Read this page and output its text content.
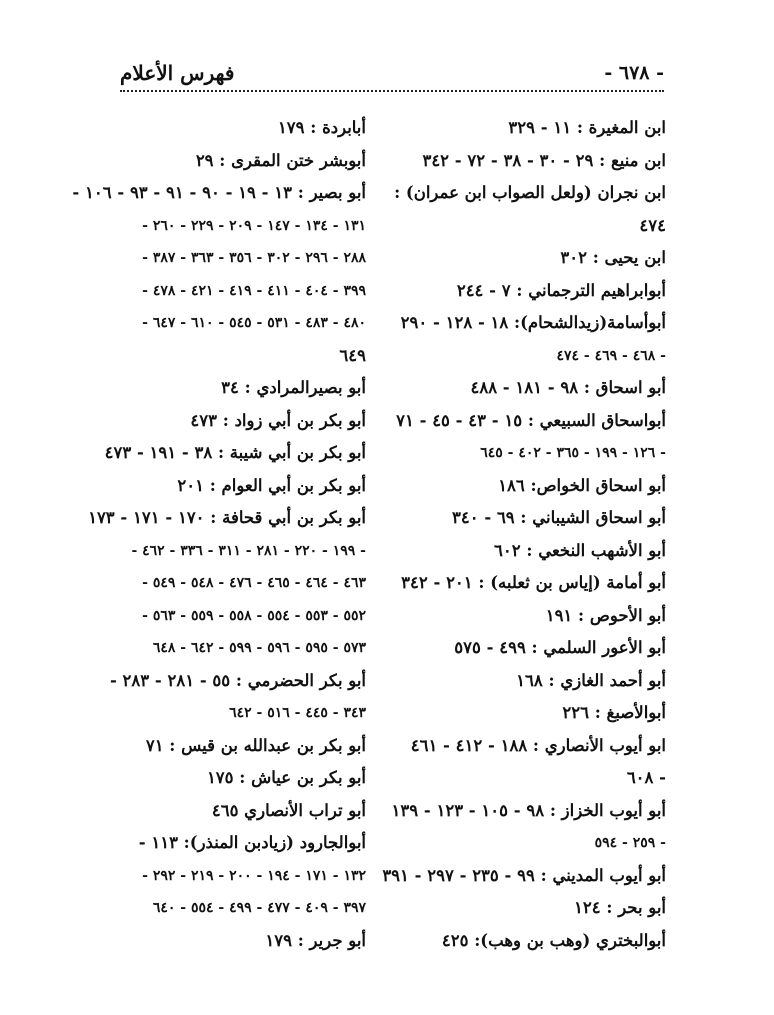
فهرس الأعلام	- ٦٧٨ -
ابن المغيرة : ١١ - ٣٢٩
ابن منيع : ٢٩ - ٣٠ - ٣٨ - ٧٢ - ٣٤٢
ابن نجران (ولعل الصواب ابن عمران) :
٤٧٤
ابن يحيى : ٣٠٢
أبوابراهيم الترجماني : ٧ - ٢٤٤
أبوأسامة(زيدالشحام): ١٨ - ١٢٨ - ٢٩٠
- ٤٦٨ - ٤٦٩ - ٤٧٤
أبو اسحاق : ٩٨ - ١٨١ - ٤٨٨
أبواسحاق السبيعي : ١٥ - ٤٣ - ٤٥ - ٧١
- ١٢٦ - ١٩٩ - ٣٦٥ - ٤٠٢ - ٦٤٥
أبو اسحاق الخواص: ١٨٦
أبو اسحاق الشيباني : ٦٩ - ٣٤٠
أبو الأشهب النخعي : ٦٠٢
أبو أمامة (إياس بن ثعلبه) : ٢٠١ - ٣٤٢
أبو الأحوص : ١٩١
أبو الأعور السلمي : ٤٩٩ - ٥٧٥
أبو أحمد الغازي : ١٦٨
أبوالأصبغ : ٢٢٦
ابو أيوب الأنصاري : ١٨٨ - ٤١٢ - ٤٦١
- ٦٠٨
أبو أيوب الخزاز : ٩٨ - ١٠٥ - ١٢٣ - ١٣٩
- ٢٥٩ - ٥٩٤
أبو أيوب المديني : ٩٩ - ٢٣٥ - ٢٩٧ - ٣٩١
أبو بحر : ١٢٤
أبوالبختري (وهب بن وهب): ٤٢٥
أبابردة : ١٧٩
أبوبشر ختن المقرى : ٢٩
أبو بصير : ١٣ - ١٩ - ٩٠ - ٩١ - ٩٣ - ١٠٦ -
١٣١ - ١٣٤ - ١٤٧ - ٢٠٩ - ٢٢٩ - ٢٦٠ -
٢٨٨ - ٢٩٦ - ٣٠٢ - ٣٥٦ - ٣٦٣ - ٣٨٧ -
٣٩٩ - ٤٠٤ - ٤١١ - ٤١٩ - ٤٢١ - ٤٧٨ -
٤٨٠ - ٤٨٣ - ٥٣١ - ٥٤٥ - ٦١٠ - ٦٤٧ -
٦٤٩
أبو بصيرالمرادي : ٣٤
أبو بكر بن أبي زواد : ٤٧٣
أبو بكر بن أبي شيبة : ٣٨ - ١٩١ - ٤٧٣
أبو بكر بن أبي العوام : ٢٠١
أبو بكر بن أبي قحافة : ١٧٠ - ١٧١ - ١٧٣
- ١٩٩ - ٢٢٠ - ٢٨١ - ٣١١ - ٣٣٦ - ٤٦٢ -
٤٦٣ - ٤٦٤ - ٤٦٥ - ٤٧٦ - ٥٤٨ - ٥٤٩ -
٥٥٢ - ٥٥٣ - ٥٥٤ - ٥٥٨ - ٥٥٩ - ٥٦٣ -
٥٧٣ - ٥٩٥ - ٥٩٦ - ٥٩٩ - ٦٤٢ - ٦٤٨
أبو بكر الحضرمي : ٥٥ - ٢٨١ - ٢٨٣ -
٣٤٣ - ٤٤٥ - ٥١٦ - ٦٤٢
أبو بكر بن عبدالله بن قيس : ٧١
أبو بكر بن عياش : ١٧٥
أبو تراب الأنصاري ٤٦٥
أبوالجارود (زيادبن المنذر): ١١٣ -
١٣٢ - ١٧١ - ١٩٤ - ٢٠٠ - ٢١٩ - ٢٩٢ -
٣٩٧ - ٤٠٩ - ٤٧٧ - ٤٩٩ - ٥٥٤ - ٦٤٠
أبو جرير : ١٧٩
